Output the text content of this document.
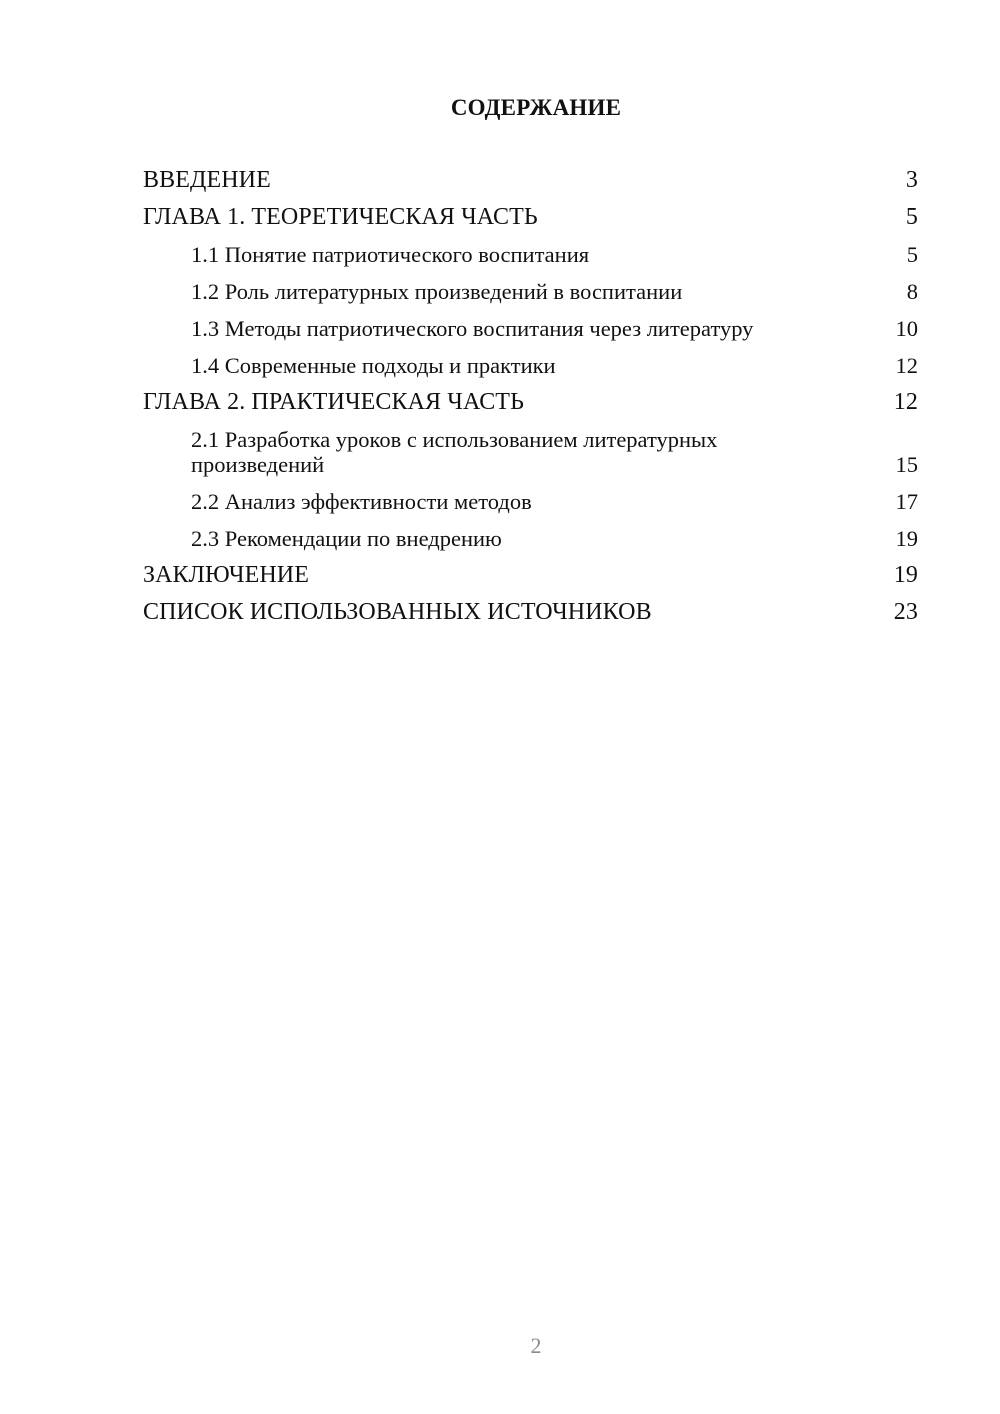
СОДЕРЖАНИЕ
ВВЕДЕНИЕ	3
ГЛАВА 1. ТЕОРЕТИЧЕСКАЯ ЧАСТЬ	5
1.1 Понятие патриотического воспитания	5
1.2 Роль литературных произведений в воспитании	8
1.3 Методы патриотического воспитания через литературу	10
1.4 Современные подходы и практики	12
ГЛАВА 2. ПРАКТИЧЕСКАЯ ЧАСТЬ	12
2.1 Разработка уроков с использованием литературных произведений	15
2.2 Анализ эффективности методов	17
2.3 Рекомендации по внедрению	19
ЗАКЛЮЧЕНИЕ	19
СПИСОК ИСПОЛЬЗОВАННЫХ ИСТОЧНИКОВ	23
2
